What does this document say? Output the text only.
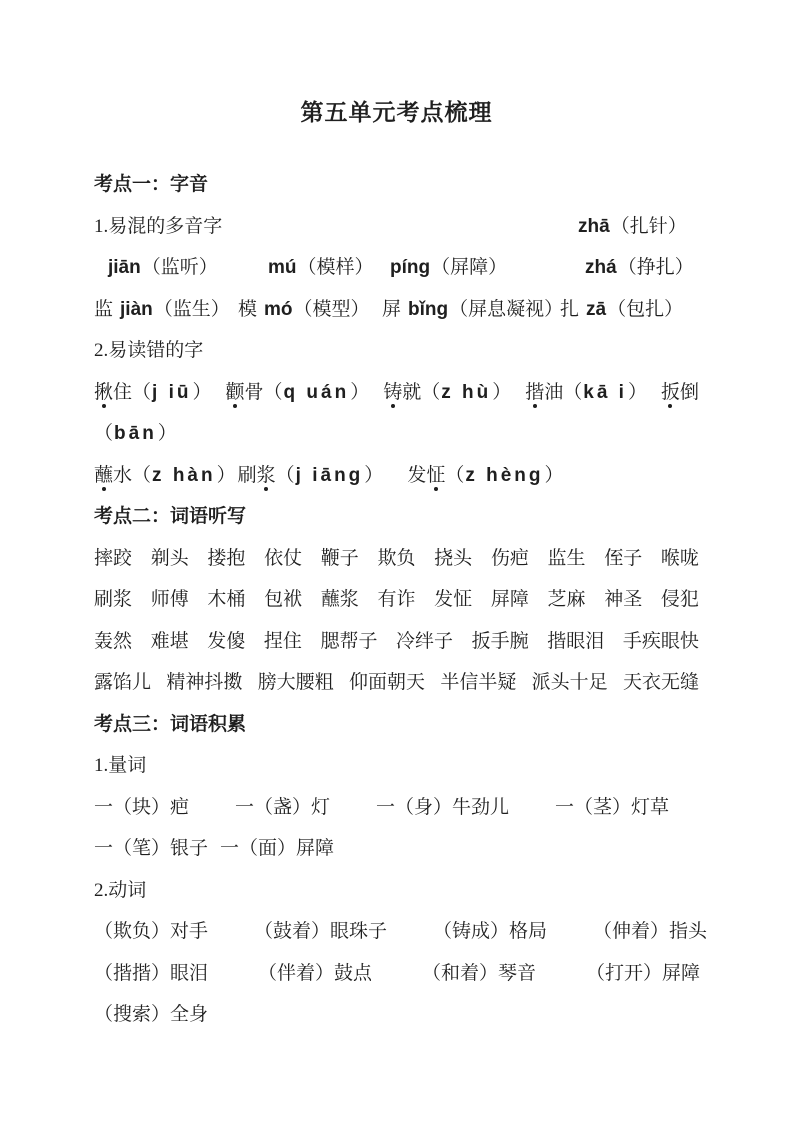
第五单元考点梳理
考点一：字音
1.易混的多音字	zhā（扎针）
jiān（监听）	mú（模样） píng（屏障）	zhá（挣扎）
监 jiàn（监生） 模 mó（模型） 屏 bǐng（屏息凝视）
扎 zā（包扎）
2.易读错的字
揪住（j iū） 颧骨（q uán） 铸就（z hù） 揩油（kā i） 扳倒
（bān）
蘸水（z hàn） 刷浆（j iāng） 发怔（z hèng）
考点二：词语听写
摔跤 剃头 搂抱 依仗 鞭子 欺负 挠头 伤疤 监生 侄子 喉咙
刷浆 师傅 木桶 包袱 蘸浆 有诈 发怔 屏障 芝麻 神圣 侵犯
轰然 难堪 发傻 捏住 腮帮子 冷绊子 扳手腕 揩眼泪 手疾眼快
露馅儿 精神抖擞 膀大腰粗 仰面朝天 半信半疑 派头十足 天衣无缝
考点三：词语积累
1.量词
一（块）疤 一（盏）灯 一（身）牛劲儿 一（茎）灯草
一（笔）银子 一（面）屏障
2.动词
（欺负）对手 （鼓着）眼珠子 （铸成）格局 （伸着）指头
（揩揩）眼泪	（伴着）鼓点	（和着）琴音	（打开）屏障
（搜索）全身
